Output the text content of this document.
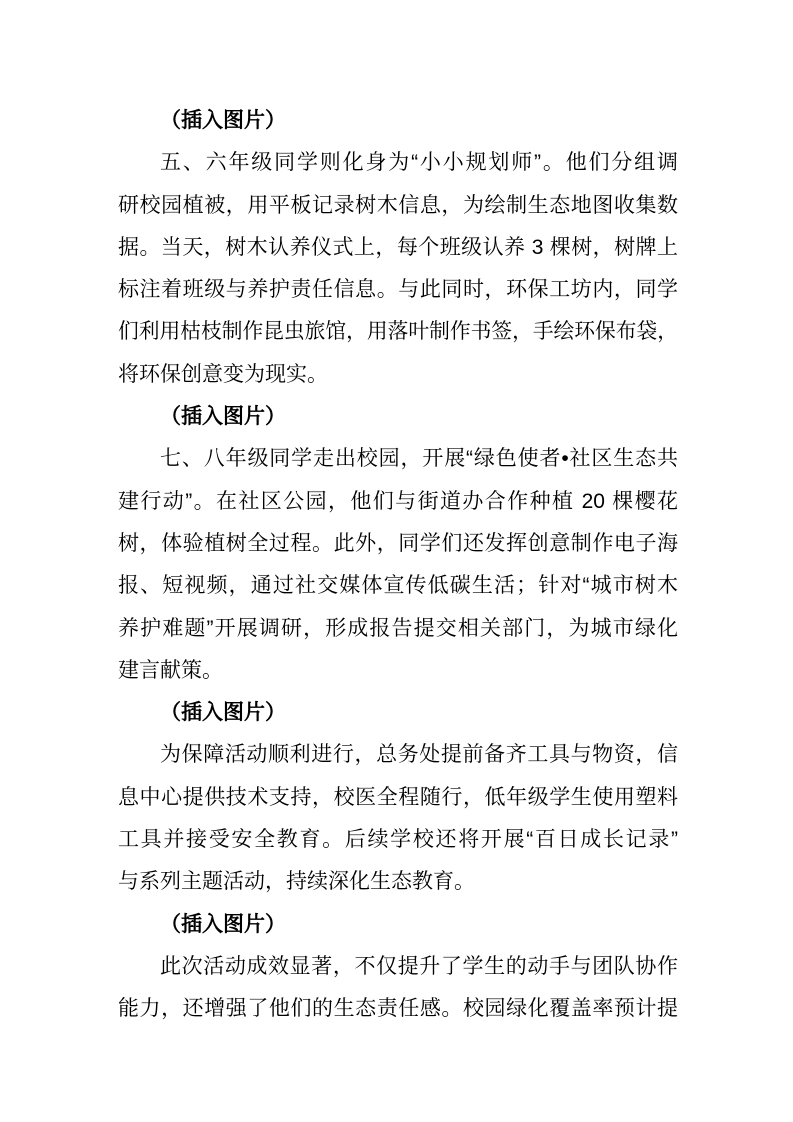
（插入图片）
五、六年级同学则化身为“小小规划师”。他们分组调
研校园植被，用平板记录树木信息，为绘制生态地图收集数
据。当天，树木认养仪式上，每个班级认养 3 棵树，树牌上
标注着班级与养护责任信息。与此同时，环保工坊内，同学
们利用枯枝制作昆虫旅馆，用落叶制作书签，手绘环保布袋，
将环保创意变为现实。
（插入图片）
七、八年级同学走出校园，开展“绿色使者•社区生态共
建行动”。在社区公园，他们与街道办合作种植 20 棵樱花
树，体验植树全过程。此外，同学们还发挥创意制作电子海
报、短视频，通过社交媒体宣传低碳生活；针对“城市树木
养护难题”开展调研，形成报告提交相关部门，为城市绿化
建言献策。
（插入图片）
为保障活动顺利进行，总务处提前备齐工具与物资，信
息中心提供技术支持，校医全程随行，低年级学生使用塑料
工具并接受安全教育。后续学校还将开展“百日成长记录”
与系列主题活动，持续深化生态教育。
（插入图片）
此次活动成效显著，不仅提升了学生的动手与团队协作
能力，还增强了他们的生态责任感。校园绿化覆盖率预计提
